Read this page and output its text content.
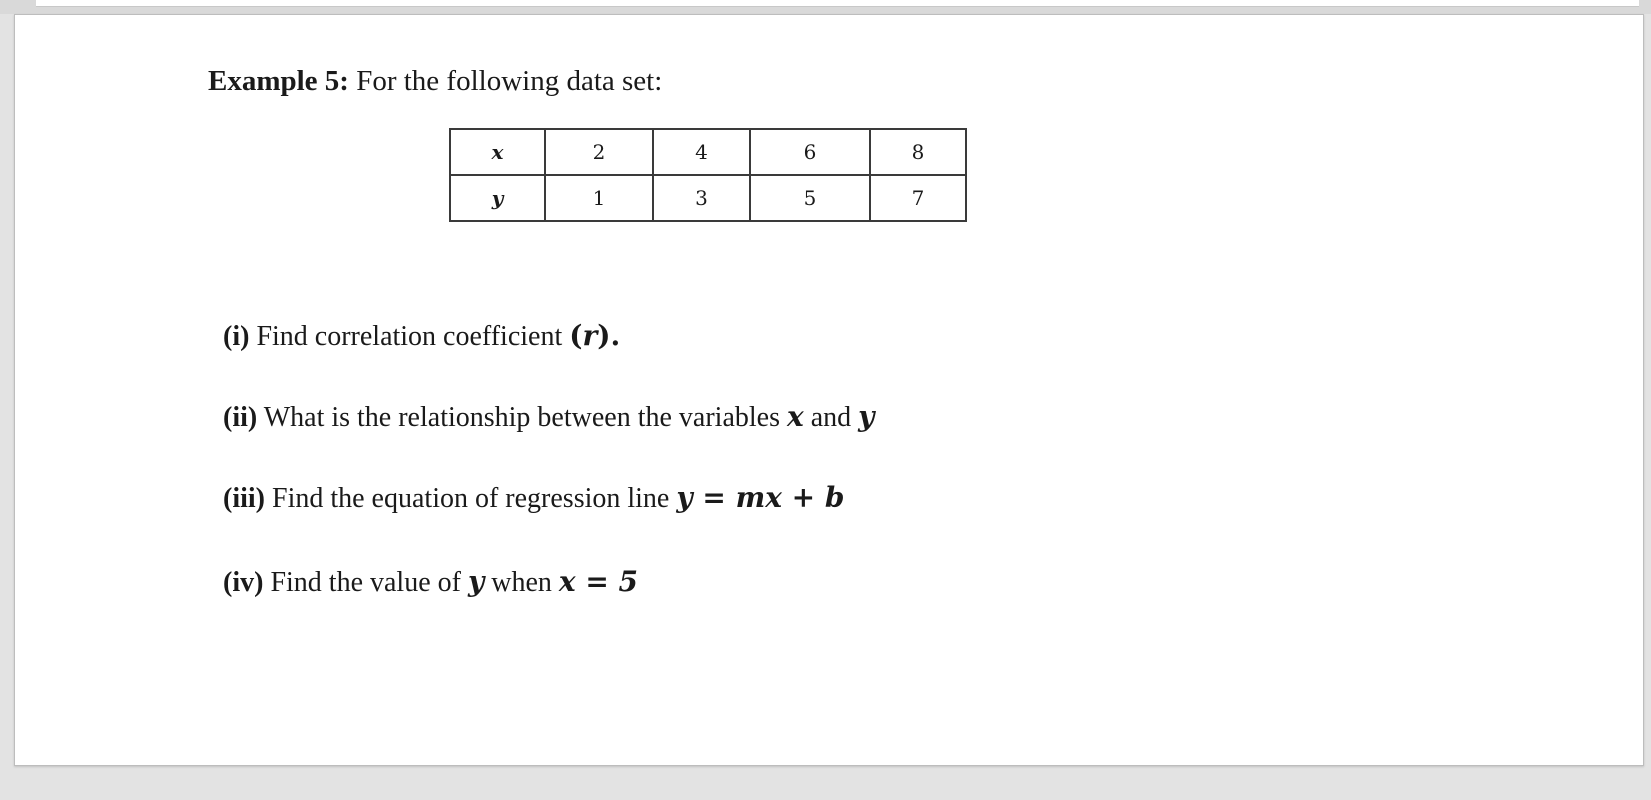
Example 5: For the following data set:
x	2	4	6	8
y	1	3	5	7
(i) Find correlation coefficient (r).
(ii) What is the relationship between the variables x and y
(iii) Find the equation of regression line y = mx + b
(iv) Find the value of y when x = 5
